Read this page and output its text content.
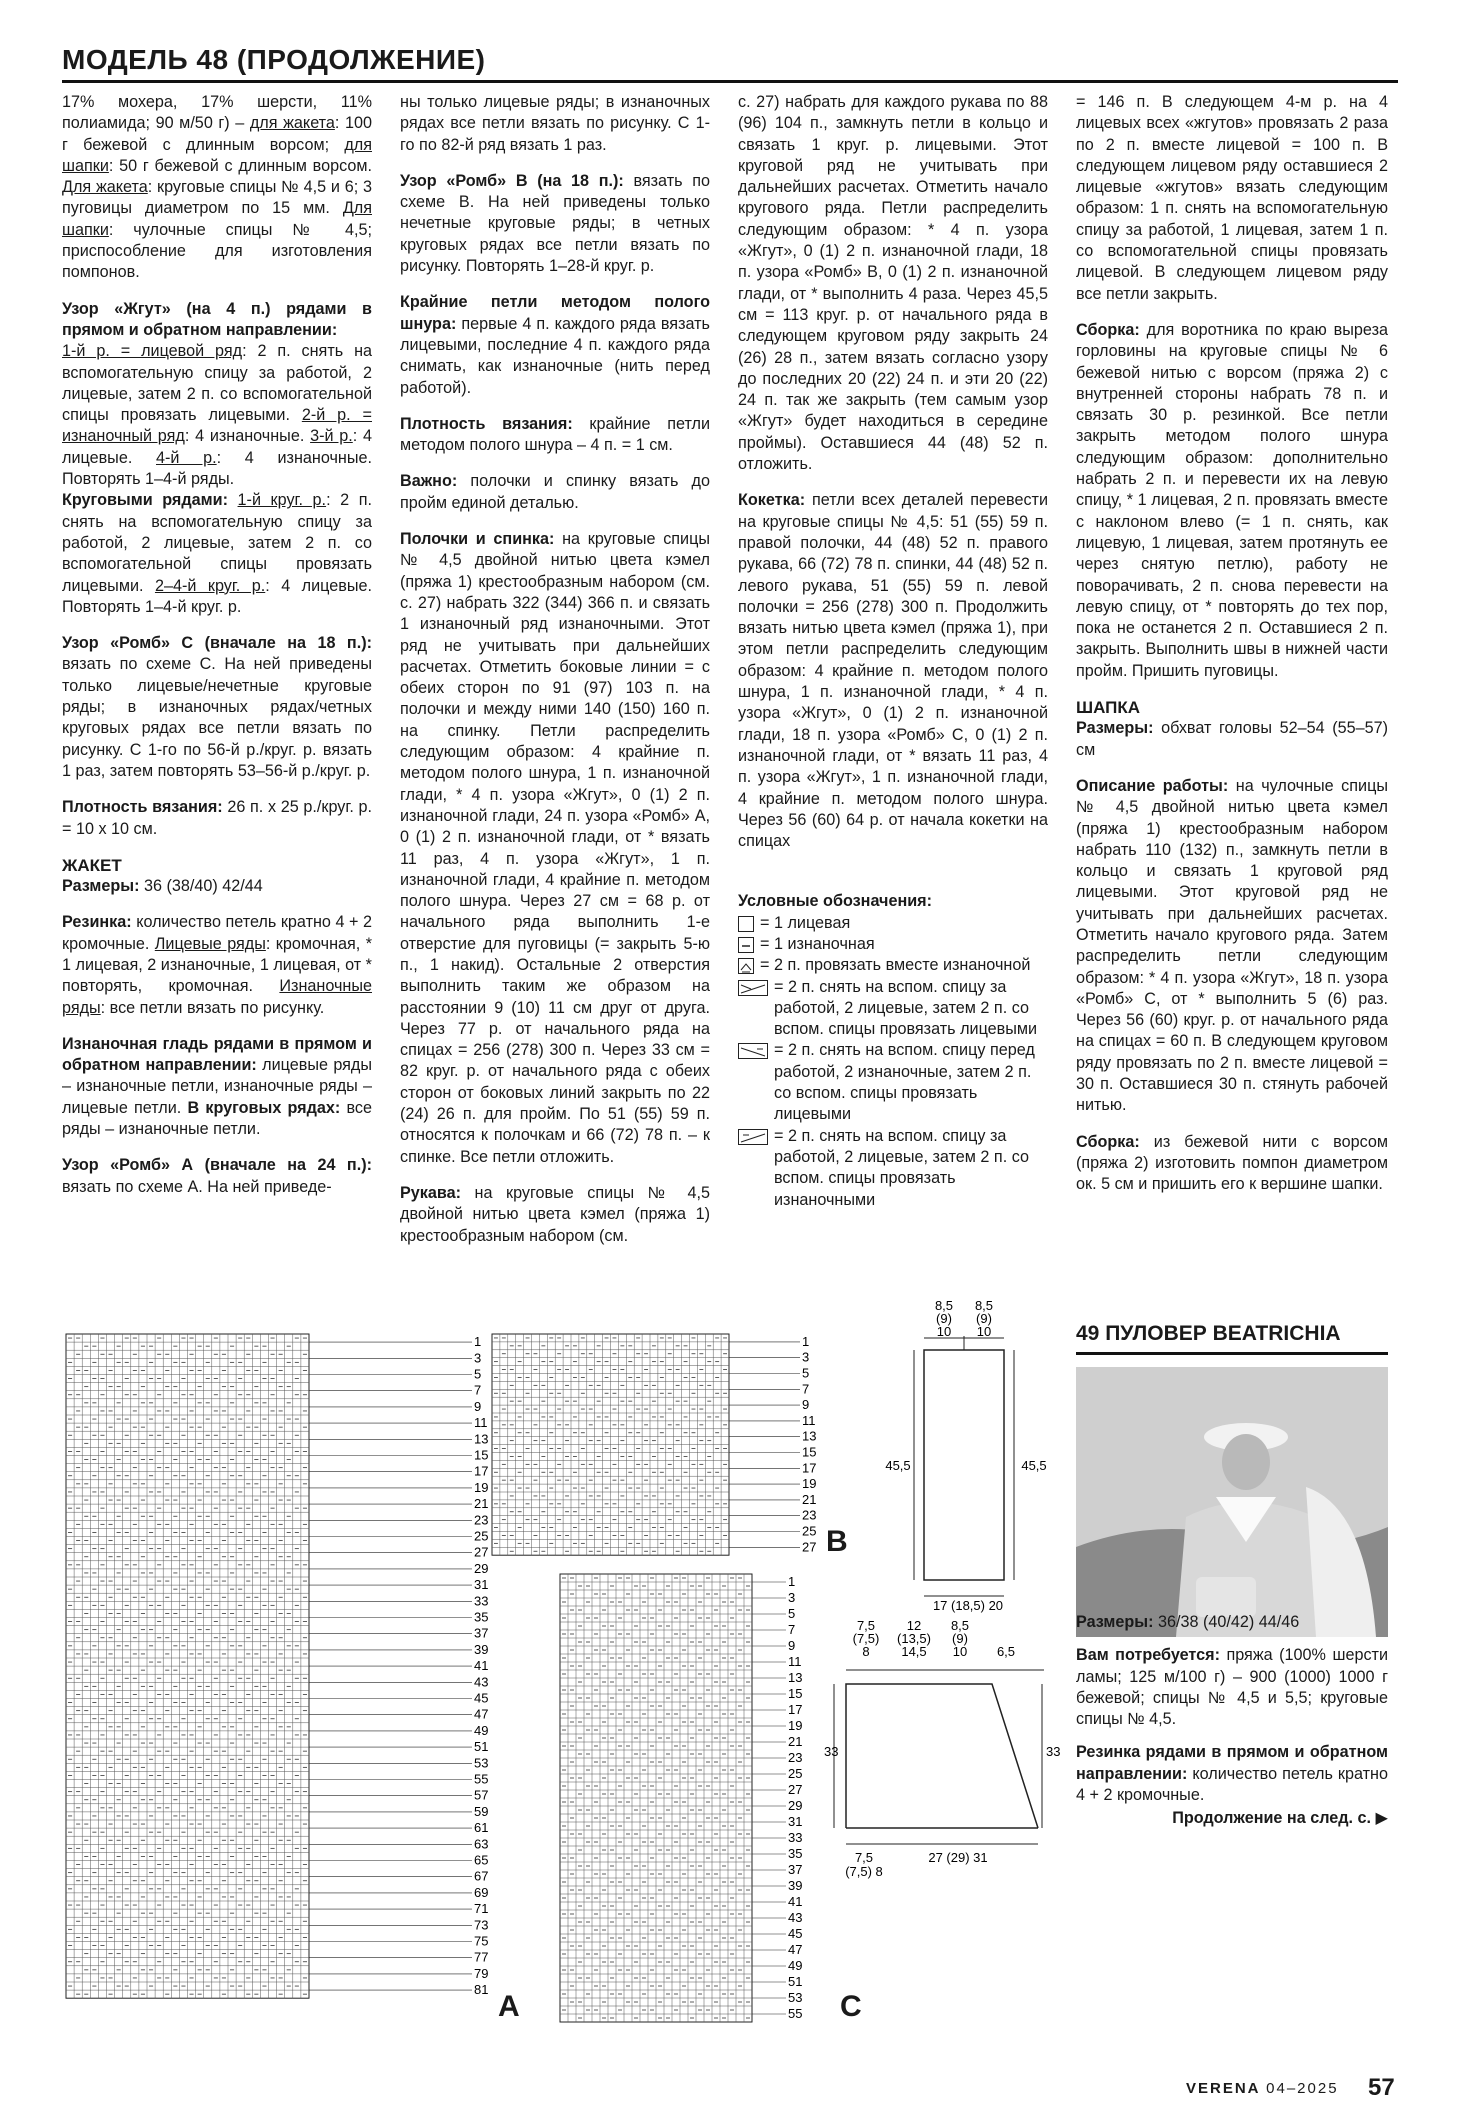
МОДЕЛЬ 48 (ПРОДОЛЖЕНИЕ)

17% мохера, 17% шерсти, 11% полиамида; 90 м/50 г) – для жакета: 100 г бежевой с длинным ворсом; для шапки: 50 г бежевой с длинным ворсом. Для жакета: круговые спицы № 4,5 и 6; 3 пуговицы диаметром по 15 мм. Для шапки: чулочные спицы № 4,5; приспособление для изготовления помпонов.

Узор «Жгут» (на 4 п.) рядами в прямом и обратном направлении:
1-й р. = лицевой ряд: 2 п. снять на вспомогательную спицу за работой, 2 лицевые, затем 2 п. со вспомогательной спицы провязать лицевыми. 2-й р. = изнаночный ряд: 4 изнаночные. 3-й р.: 4 лицевые. 4-й р.: 4 изнаночные. Повторять 1–4-й ряды.
Круговыми рядами: 1-й круг. р.: 2 п. снять на вспомогательную спицу за работой, 2 лицевые, затем 2 п. со вспомогательной спицы провязать лицевыми. 2–4-й круг. р.: 4 лицевые. Повторять 1–4-й круг. р.

Узор «Ромб» С (вначале на 18 п.): вязать по схеме С. На ней приведены только лицевые/нечетные круговые ряды; в изнаночных рядах/четных круговых рядах все петли вязать по рисунку. С 1-го по 56-й р./круг. р. вязать 1 раз, затем повторять 53–56-й р./круг. р.

Плотность вязания: 26 п. х 25 р./круг. р. = 10 х 10 см.

ЖАКЕТ

Размеры: 36 (38/40) 42/44

Резинка: количество петель кратно 4 + 2 кромочные. Лицевые ряды: кромочная, * 1 лицевая, 2 изнаночные, 1 лицевая, от * повторять, кромочная. Изнаночные ряды: все петли вязать по рисунку.

Изнаночная гладь рядами в прямом и обратном направлении: лицевые ряды – изнаночные петли, изнаночные ряды – лицевые петли. В круговых рядах: все ряды – изнаночные петли.

Узор «Ромб» А (вначале на 24 п.): вязать по схеме А. На ней приведе-

ны только лицевые ряды; в изнаночных рядах все петли вязать по рисунку. С 1-го по 82-й ряд вязать 1 раз.

Узор «Ромб» В (на 18 п.): вязать по схеме В. На ней приведены только нечетные круговые ряды; в четных круговых рядах все петли вязать по рисунку. Повторять 1–28-й круг. р.

Крайние петли методом полого шнура: первые 4 п. каждого ряда вязать лицевыми, последние 4 п. каждого ряда снимать, как изнаночные (нить перед работой).

Плотность вязания: крайние петли методом полого шнура – 4 п. = 1 см.

Важно: полочки и спинку вязать до пройм единой деталью.

Полочки и спинка: на круговые спицы № 4,5 двойной нитью цвета кэмел (пряжа 1) крестообразным набором (см. с. 27) набрать 322 (344) 366 п. и связать 1 изнаночный ряд изнаночными. Этот ряд не учитывать при дальнейших расчетах. Отметить боковые линии = с обеих сторон по 91 (97) 103 п. на полочки и между ними 140 (150) 160 п. на спинку. Петли распределить следующим образом: 4 крайние п. методом полого шнура, 1 п. изнаночной глади, * 4 п. узора «Жгут», 0 (1) 2 п. изнаночной глади, 24 п. узора «Ромб» А, 0 (1) 2 п. изнаночной глади, от * вязать 11 раз, 4 п. узора «Жгут», 1 п. изнаночной глади, 4 крайние п. методом полого шнура. Через 27 см = 68 р. от начального ряда выполнить 1-е отверстие для пуговицы (= закрыть 5-ю п., 1 накид). Остальные 2 отверстия выполнить таким же образом на расстоянии 9 (10) 11 см друг от друга. Через 77 р. от начального ряда на спицах = 256 (278) 300 п. Через 33 см = 82 круг. р. от начального ряда с обеих сторон от боковых линий закрыть по 22 (24) 26 п. для пройм. По 51 (55) 59 п. относятся к полочкам и 66 (72) 78 п. – к спинке. Все петли отложить.

Рукава: на круговые спицы № 4,5 двойной нитью цвета кэмел (пряжа 1) крестообразным набором (см.

с. 27) набрать для каждого рукава по 88 (96) 104 п., замкнуть петли в кольцо и связать 1 круг. р. лицевыми. Этот круговой ряд не учитывать при дальнейших расчетах. Отметить начало кругового ряда. Петли распределить следующим образом: * 4 п. узора «Жгут», 0 (1) 2 п. изнаночной глади, 18 п. узора «Ромб» В, 0 (1) 2 п. изнаночной глади, от * выполнить 4 раза. Через 45,5 см = 113 круг. р. от начального ряда в следующем круговом ряду закрыть 24 (26) 28 п., затем вязать согласно узору до последних 20 (22) 24 п. и эти 20 (22) 24 п. так же закрыть (тем самым узор «Жгут» будет находиться в середине проймы). Оставшиеся 44 (48) 52 п. отложить.

Кокетка: петли всех деталей перевести на круговые спицы № 4,5: 51 (55) 59 п. правой полочки, 44 (48) 52 п. правого рукава, 66 (72) 78 п. спинки, 44 (48) 52 п. левого рукава, 51 (55) 59 п. левой полочки = 256 (278) 300 п. Продолжить вязать нитью цвета кэмел (пряжа 1), при этом петли распределить следующим образом: 4 крайние п. методом полого шнура, 1 п. изнаночной глади, * 4 п. узора «Жгут», 0 (1) 2 п. изнаночной глади, 18 п. узора «Ромб» С, 0 (1) 2 п. изнаночной глади, от * вязать 11 раз, 4 п. узора «Жгут», 1 п. изнаночной глади, 4 крайние п. методом полого шнура. Через 56 (60) 64 р. от начала кокетки на спицах

Условные обозначения:
= 1 лицевая
= 1 изнаночная
= 2 п. провязать вместе изнаночной
= 2 п. снять на вспом. спицу за работой, 2 лицевые, затем 2 п. со вспом. спицы провязать лицевыми
= 2 п. снять на вспом. спицу перед работой, 2 изнаночные, затем 2 п. со вспом. спицы провязать лицевыми
= 2 п. снять на вспом. спицу за работой, 2 лицевые, затем 2 п. со вспом. спицы провязать изнаночными

= 146 п. В следующем 4-м р. на 4 лицевых всех «жгутов» провязать 2 раза по 2 п. вместе лицевой = 100 п. В следующем лицевом ряду оставшиеся 2 лицевые «жгутов» вязать следующим образом: 1 п. снять на вспомогательную спицу за работой, 1 лицевая, затем 1 п. со вспомогательной спицы провязать лицевой. В следующем лицевом ряду все петли закрыть.

Сборка: для воротника по краю выреза горловины на круговые спицы № 6 бежевой нитью с ворсом (пряжа 2) с внутренней стороны набрать 78 п. и связать 30 р. резинкой. Все петли закрыть методом полого шнура следующим образом: дополнительно набрать 2 п. и перевести их на левую спицу, * 1 лицевая, 2 п. провязать вместе с наклоном влево (= 1 п. снять, как лицевую, 1 лицевая, затем протянуть ее через снятую петлю), работу не поворачивать, 2 п. снова перевести на левую спицу, от * повторять до тех пор, пока не останется 2 п. Оставшиеся 2 п. закрыть. Выполнить швы в нижней части пройм. Пришить пуговицы.

ШАПКА

Размеры: обхват головы 52–54 (55–57) см

Описание работы: на чулочные спицы № 4,5 двойной нитью цвета кэмел (пряжа 1) крестообразным набором набрать 110 (132) п., замкнуть петли в кольцо и связать 1 круговой ряд лицевыми. Этот круговой ряд не учитывать при дальнейших расчетах. Отметить начало кругового ряда. Затем распределить петли следующим образом: * 4 п. узора «Жгут», 18 п. узора «Ромб» С, от * выполнить 5 (6) раз. Через 56 (60) круг. р. от начального ряда на спицах = 60 п. В следующем круговом ряду провязать по 2 п. вместе лицевой = 30 п. Оставшиеся 30 п. стянуть рабочей нитью.

Сборка: из бежевой нити с ворсом (пряжа 2) изготовить помпон диаметром ок. 5 см и пришить его к вершине шапки.

49 ПУЛОВЕР BEATRICHIA

Размеры: 36/38 (40/42) 44/46

Вам потребуется: пряжа (100% шерсти ламы; 125 м/100 г) – 900 (1000) 1000 г бежевой; спицы № 4,5 и 5,5; круговые спицы № 4,5.

Резинка рядами в прямом и обратном направлении: количество петель кратно 4 + 2 кромочные.

Продолжение на след. с. ▶
81
79
77
75
73
71
69
67
65
63
61
59
57
55
53
51
49
47
45
43
41
39
37
35
33
31
29
27
25
23
21
19
17
15
13
11
9
7
5
3
1
A
27
25
23
21
19
17
15
13
11
9
7
5
3
1
B
55
53
51
49
47
45
43
41
39
37
35
33
31
29
27
25
23
21
19
17
15
13
11
9
7
5
3
1
C
8,5
(9)
10
8,5
(9)
10
45,5	45,5
17 (18,5) 20
7,5
(7,5)
8
12
(13,5)
14,5
8,5
(9)
10 6,5
33	33
7,5
(7,5) 8
27 (29) 31
VERENA 04–2025 57
